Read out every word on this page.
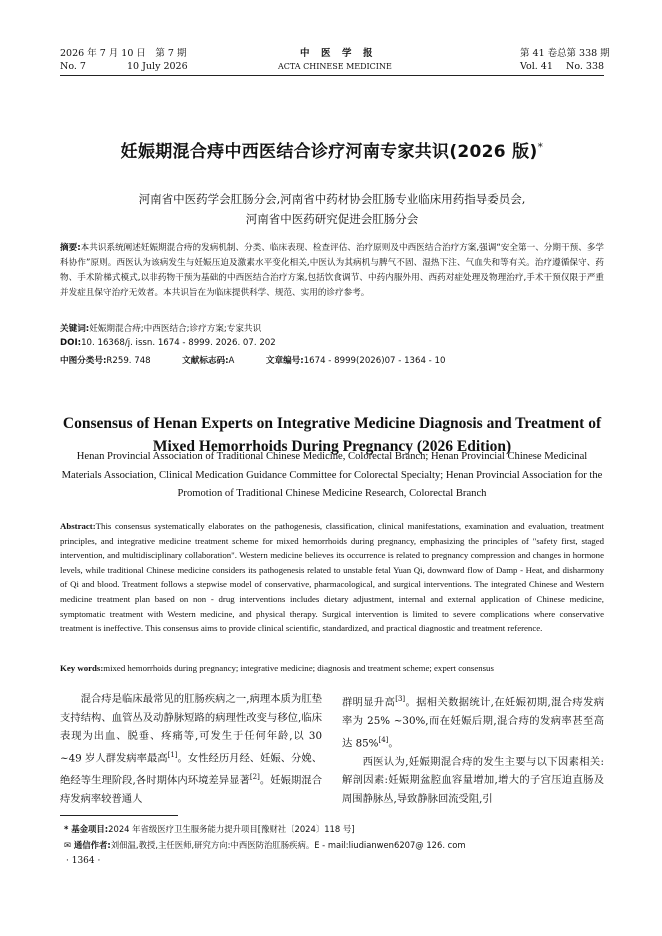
2026 年 7 月 10 日　第 7 期	中　医　学　报	第 41 卷 总第 338 期
No. 7	10 July 2026	ACTA CHINESE MEDICINE	Vol. 41 No. 338
妊娠期混合痔中西医结合诊疗河南专家共识(2026 版)*
河南省中医药学会肛肠分会,河南省中药材协会肛肠专业临床用药指导委员会,
河南省中医药研究促进会肛肠分会
摘要:本共识系统阐述妊娠期混合痔的发病机制、分类、临床表现、检查评估、治疗原则及中西医结合治疗方案,强调“安全第一、分期干预、多学科协作”原则。西医认为该病发生与妊娠压迫及激素水平变化相关,中医认为其病机与脾气不固、湿热下注、气血失和等有关。治疗遵循保守、药物、手术阶梯式模式,以非药物干预为基础的中西医结合治疗方案,包括饮食调节、中药内服外用、西药对症处理及物理治疗,手术干预仅限于严重并发症且保守治疗无效者。本共识旨在为临床提供科学、规范、实用的诊疗参考。
关键词:妊娠期混合痔;中西医结合;诊疗方案;专家共识
DOI:10. 16368/j. issn. 1674 - 8999. 2026. 07. 202
中图分类号:R259. 748	文献标志码:A	文章编号:1674 - 8999(2026)07 - 1364 - 10
Consensus of Henan Experts on Integrative Medicine Diagnosis and Treatment of Mixed Hemorrhoids During Pregnancy (2026 Edition)
Henan Provincial Association of Traditional Chinese Medicine, Colorectal Branch; Henan Provincial Chinese Medicinal Materials Association, Clinical Medication Guidance Committee for Colorectal Specialty; Henan Provincial Association for the Promotion of Traditional Chinese Medicine Research, Colorectal Branch
Abstract:This consensus systematically elaborates on the pathogenesis, classification, clinical manifestations, examination and evaluation, treatment principles, and integrative medicine treatment scheme for mixed hemorrhoids during pregnancy, emphasizing the principles of "safety first, staged intervention, and multidisciplinary collaboration". Western medicine believes its occurrence is related to pregnancy compression and changes in hormone levels, while traditional Chinese medicine considers its pathogenesis related to unstable fetal Yuan Qi, downward flow of Damp - Heat, and disharmony of Qi and blood. Treatment follows a stepwise model of conservative, pharmacological, and surgical interventions. The integrated Chinese and Western medicine treatment plan based on non - drug interventions includes dietary adjustment, internal and external application of Chinese medicine, symptomatic treatment with Western medicine, and physical therapy. Surgical intervention is limited to severe complications where conservative treatment is ineffective. This consensus aims to provide clinical scientific, standardized, and practical diagnostic and treatment reference.
Key words:mixed hemorrhoids during pregnancy; integrative medicine; diagnosis and treatment scheme; expert consensus
混合痔是临床最常见的肛肠疾病之一,病理本质为肛垫支持结构、血管丛及动静脉短路的病理性改变与移位,临床表现为出血、脱垂、疼痛等,可发生于任何年龄,以 30 ~49 岁人群发病率最高[1]。女性经历月经、妊娠、分娩、绝经等生理阶段,各时期体内环境差异显著[2]。妊娠期混合痔发病率较普通人
群明显升高[3]。据相关数据统计,在妊娠初期,混合痔发病率为 25% ~30%,而在妊娠后期,混合痔的发病率甚至高达 85%[4]。
西医认为,妊娠期混合痔的发生主要与以下因素相关:解剖因素:妊娠期盆腔血容量增加,增大的子宫压迫直肠及周围静脉丛,导致静脉回流受阻,引
* 基金项目:2024 年省级医疗卫生服务能力提升项目[豫财社〔2024〕118 号]
✉ 通信作者:刘佃温,教授,主任医师,研究方向:中西医防治肛肠疾病。E - mail:liudianwen6207@ 126. com
· 1364 ·
